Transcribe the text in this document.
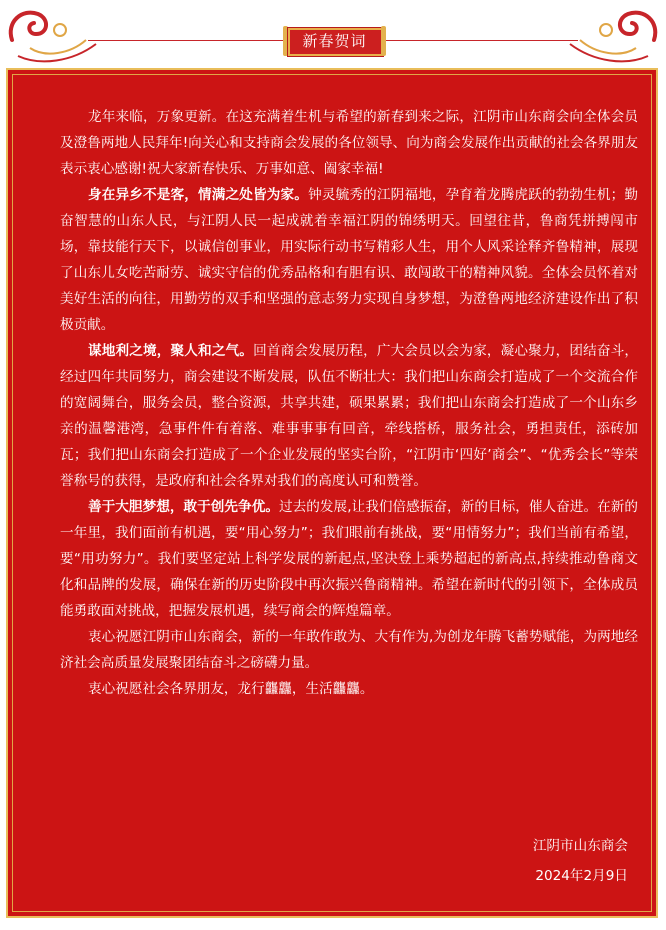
新春贺词

龙年来临，万象更新。在这充满着生机与希望的新春到来之际，江阴市山东商会向全体会员及澄鲁两地人民拜年!向关心和支持商会发展的各位领导、向为商会发展作出贡献的社会各界朋友表示衷心感谢!祝大家新春快乐、万事如意、阖家幸福!

身在异乡不是客，情满之处皆为家。钟灵毓秀的江阴福地，孕育着龙腾虎跃的勃勃生机；勤奋智慧的山东人民，与江阴人民一起成就着幸福江阴的锦绣明天。回望往昔，鲁商凭拼搏闯市场，靠技能行天下，以诚信创事业，用实际行动书写精彩人生，用个人风采诠释齐鲁精神，展现了山东儿女吃苦耐劳、诚实守信的优秀品格和有胆有识、敢闯敢干的精神风貌。全体会员怀着对美好生活的向往，用勤劳的双手和坚强的意志努力实现自身梦想，为澄鲁两地经济建设作出了积极贡献。

谋地利之境，聚人和之气。回首商会发展历程，广大会员以会为家，凝心聚力，团结奋斗，经过四年共同努力，商会建设不断发展，队伍不断壮大：我们把山东商会打造成了一个交流合作的宽阔舞台，服务会员，整合资源，共享共建，硕果累累；我们把山东商会打造成了一个山东乡亲的温馨港湾，急事件件有着落、难事事事有回音，牵线搭桥，服务社会，勇担责任，添砖加瓦；我们把山东商会打造成了一个企业发展的坚实台阶，“江阴市‘四好’商会”、“优秀会长”等荣誉称号的获得，是政府和社会各界对我们的高度认可和赞誉。

善于大胆梦想，敢于创先争优。过去的发展,让我们倍感振奋，新的目标，催人奋进。在新的一年里，我们面前有机遇，要“用心努力”；我们眼前有挑战，要“用情努力”；我们当前有希望，要“用功努力”。我们要坚定站上科学发展的新起点,坚决登上乘势超起的新高点,持续推动鲁商文化和品牌的发展，确保在新的历史阶段中再次振兴鲁商精神。希望在新时代的引领下，全体成员能勇敢面对挑战，把握发展机遇，续写商会的辉煌篇章。

衷心祝愿江阴市山东商会，新的一年敢作敢为、大有作为,为创龙年腾飞蓄势赋能，为两地经济社会高质量发展聚团结奋斗之磅礴力量。

衷心祝愿社会各界朋友，龙行龘龘，生活龘龘。

江阴市山东商会
2024年2月9日
